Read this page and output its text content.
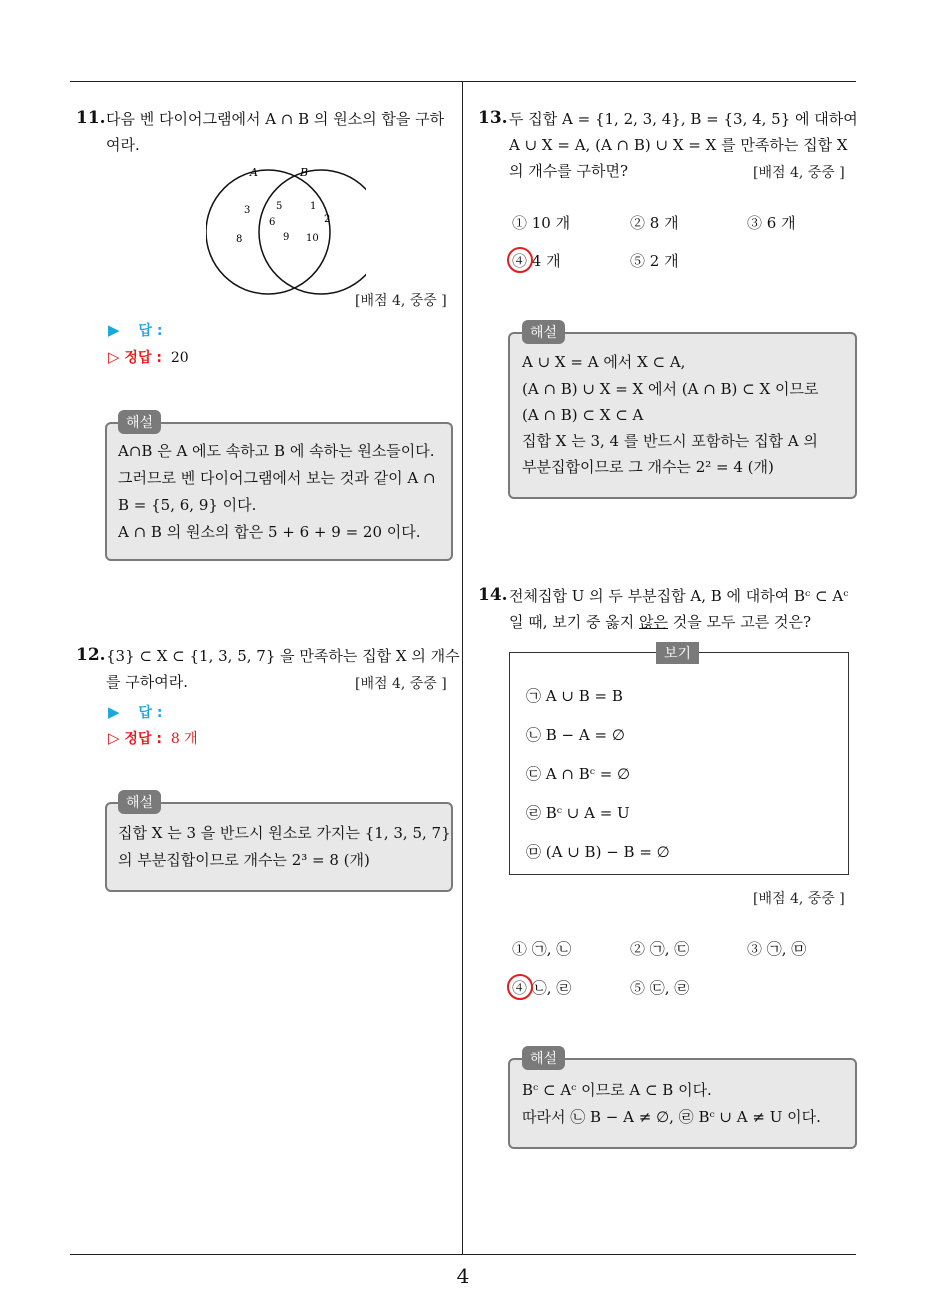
4
11. 다음 벤 다이어그램에서 A ∩ B 의 원소의 합을 구하
여라.
A	B
3
8
5
6
9
1
2
10
[배점 4, 중중 ]
▶ 답 :
▷ 정답 : 20
해설
A∩B 은 A 에도 속하고 B 에 속하는 원소들이다.
그러므로 벤 다이어그램에서 보는 것과 같이 A ∩
B = {5, 6, 9} 이다.
A ∩ B 의 원소의 합은 5 + 6 + 9 = 20 이다.
12. {3} ⊂ X ⊂ {1, 3, 5, 7} 을 만족하는 집합 X 의 개수
를 구하여라.	[배점 4, 중중 ]
▶ 답 :
▷ 정답 : 8 개
해설
집합 X 는 3 을 반드시 원소로 가지는 {1, 3, 5, 7}
의 부분집합이므로 개수는 2³ = 8 (개)
13. 두 집합 A = {1, 2, 3, 4}, B = {3, 4, 5} 에 대하여
A ∪ X = A, (A ∩ B) ∪ X = X 를 만족하는 집합 X
의 개수를 구하면?	[배점 4, 중중 ]
① 10 개	② 8 개	③ 6 개
④ 4 개	⑤ 2 개
해설
A ∪ X = A 에서 X ⊂ A,
(A ∩ B) ∪ X = X 에서 (A ∩ B) ⊂ X 이므로
(A ∩ B) ⊂ X ⊂ A
집합 X 는 3, 4 를 반드시 포함하는 집합 A 의
부분집합이므로 그 개수는 2² = 4 (개)
14. 전체집합 U 의 두 부분집합 A, B 에 대하여 Bᶜ ⊂ Aᶜ
일 때, 보기 중 옳지 않은 것을 모두 고른 것은?
보기
㉠ A ∪ B = B
㉡ B − A = ∅
㉢ A ∩ Bᶜ = ∅
㉣ Bᶜ ∪ A = U
㉤ (A ∪ B) − B = ∅
[배점 4, 중중 ]
① ㉠, ㉡	② ㉠, ㉢	③ ㉠, ㉤
④ ㉡, ㉣	⑤ ㉢, ㉣
해설
Bᶜ ⊂ Aᶜ 이므로 A ⊂ B 이다.
따라서 ㉡ B − A ≠ ∅, ㉣ Bᶜ ∪ A ≠ U 이다.
